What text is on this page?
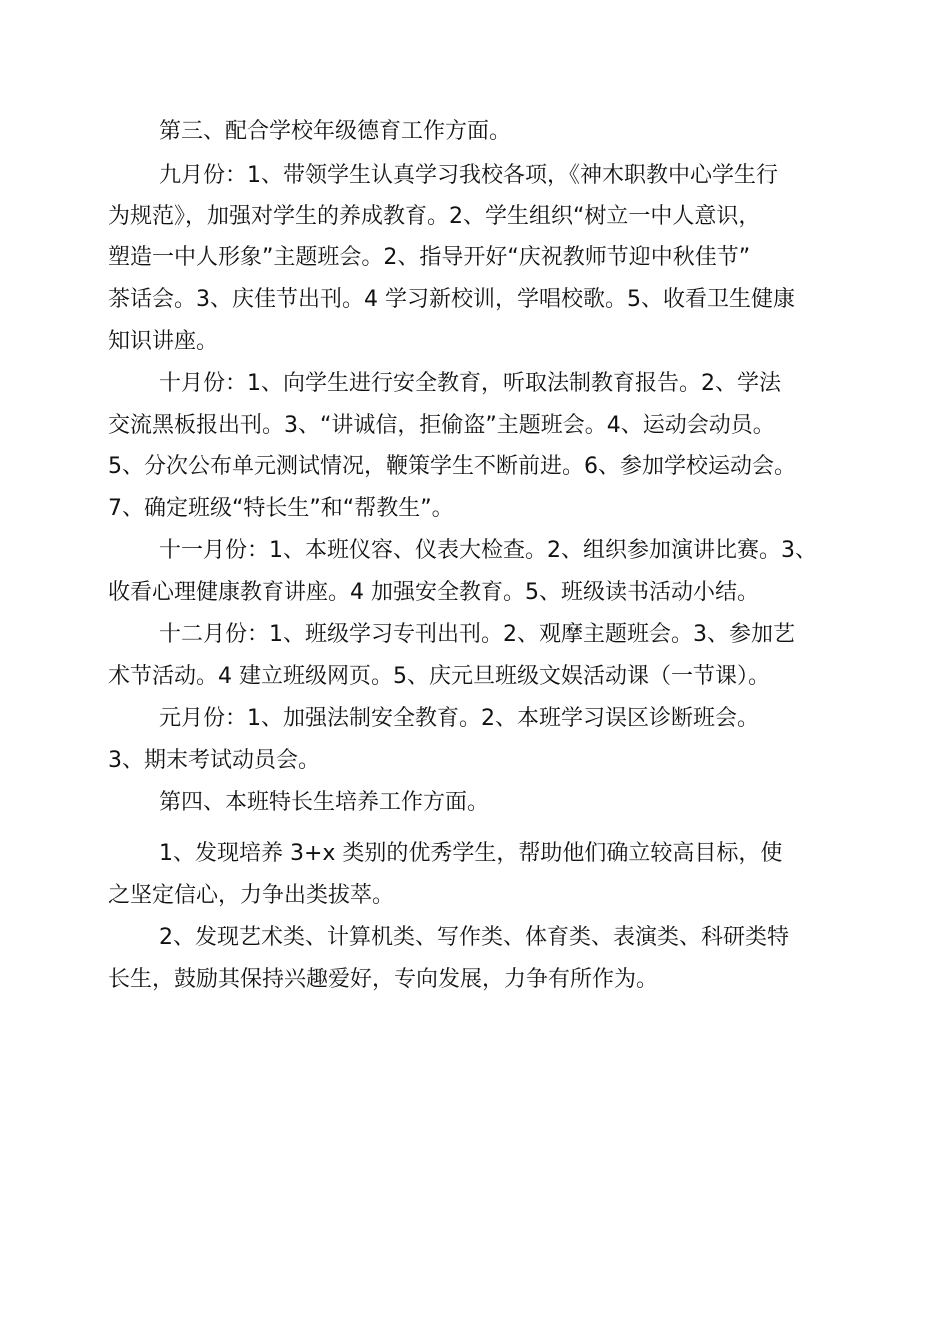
第三、配合学校年级德育工作方面。
九月份：1、带领学生认真学习我校各项，《神木职教中心学生行
为规范》，加强对学生的养成教育。2、学生组织“树立一中人意识，
塑造一中人形象”主题班会。2、指导开好“庆祝教师节迎中秋佳节”
茶话会。3、庆佳节出刊。4 学习新校训，学唱校歌。5、收看卫生健康
知识讲座。
十月份：1、向学生进行安全教育，听取法制教育报告。2、学法
交流黑板报出刊。3、“讲诚信，拒偷盗”主题班会。4、运动会动员。
5、分次公布单元测试情况，鞭策学生不断前进。6、参加学校运动会。
7、确定班级“特长生”和“帮教生”。
十一月份：1、本班仪容、仪表大检查。2、组织参加演讲比赛。3、
收看心理健康教育讲座。4 加强安全教育。5、班级读书活动小结。
十二月份：1、班级学习专刊出刊。2、观摩主题班会。3、参加艺
术节活动。4 建立班级网页。5、庆元旦班级文娱活动课（一节课）。
元月份：1、加强法制安全教育。2、本班学习误区诊断班会。
3、期末考试动员会。
第四、本班特长生培养工作方面。
1、发现培养 3+x 类别的优秀学生，帮助他们确立较高目标，使
之坚定信心，力争出类拔萃。
2、发现艺术类、计算机类、写作类、体育类、表演类、科研类特
长生，鼓励其保持兴趣爱好，专向发展，力争有所作为。
